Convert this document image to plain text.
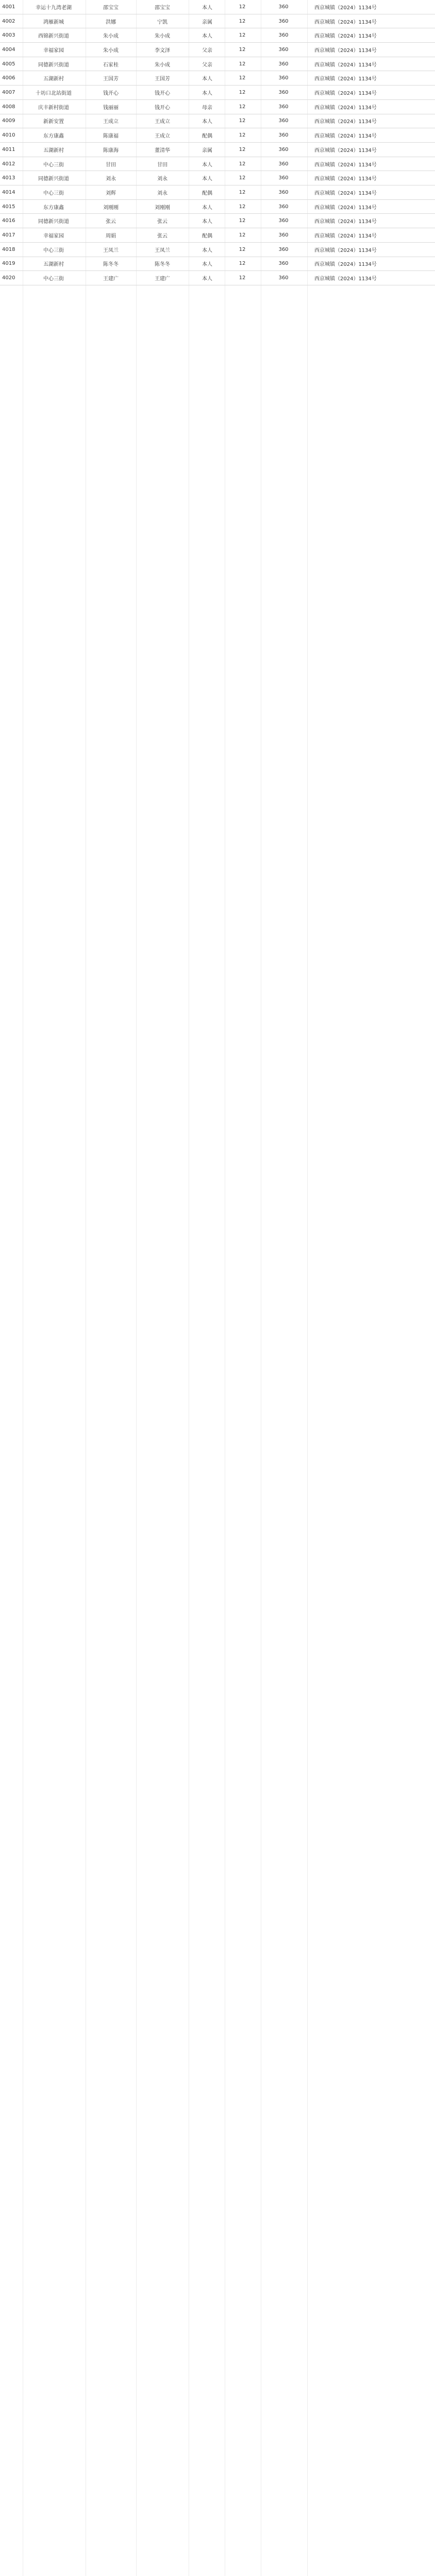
4001	幸运十九湾老湖	邵宝宝	邵宝宝	本人	12	360	西京城镇（2024）1134号
4002	鸿雁新城	洪娜	宁凯	亲属	12	360	西京城镇（2024）1134号
4003	西锦新兴街道	朱小成	朱小成	本人	12	360	西京城镇（2024）1134号
4004	幸福家园	朱小成	李文泽	父亲	12	360	西京城镇（2024）1134号
4005	同德新兴街道	石家桂	朱小成	父亲	12	360	西京城镇（2024）1134号
4006	五湖新村	王国芳	王国芳	本人	12	360	西京城镇（2024）1134号
4007	十坊口北站街道	钱开心	钱开心	本人	12	360	西京城镇（2024）1134号
4008	庆丰新村街道	钱丽丽	钱开心	母亲	12	360	西京城镇（2024）1134号
4009	新新安置	王成立	王成立	本人	12	360	西京城镇（2024）1134号
4010	东方康鑫	陈康福	王成立	配偶	12	360	西京城镇（2024）1134号
4011	五湖新村	陈康海	董清华	亲属	12	360	西京城镇（2024）1134号
4012	中心三街	甘田	甘田	本人	12	360	西京城镇（2024）1134号
4013	同德新兴街道	刘永	刘永	本人	12	360	西京城镇（2024）1134号
4014	中心三街	刘辉	刘永	配偶	12	360	西京城镇（2024）1134号
4015	东方康鑫	刘刚刚	刘刚刚	本人	12	360	西京城镇（2024）1134号
4016	同德新兴街道	张云	张云	本人	12	360	西京城镇（2024）1134号
4017	幸福家园	周娟	张云	配偶	12	360	西京城镇（2024）1134号
4018	中心三街	王凤兰	王凤兰	本人	12	360	西京城镇（2024）1134号
4019	五湖新村	陈冬冬	陈冬冬	本人	12	360	西京城镇（2024）1134号
4020	中心三街	王建广	王建广	本人	12	360	西京城镇（2024）1134号
